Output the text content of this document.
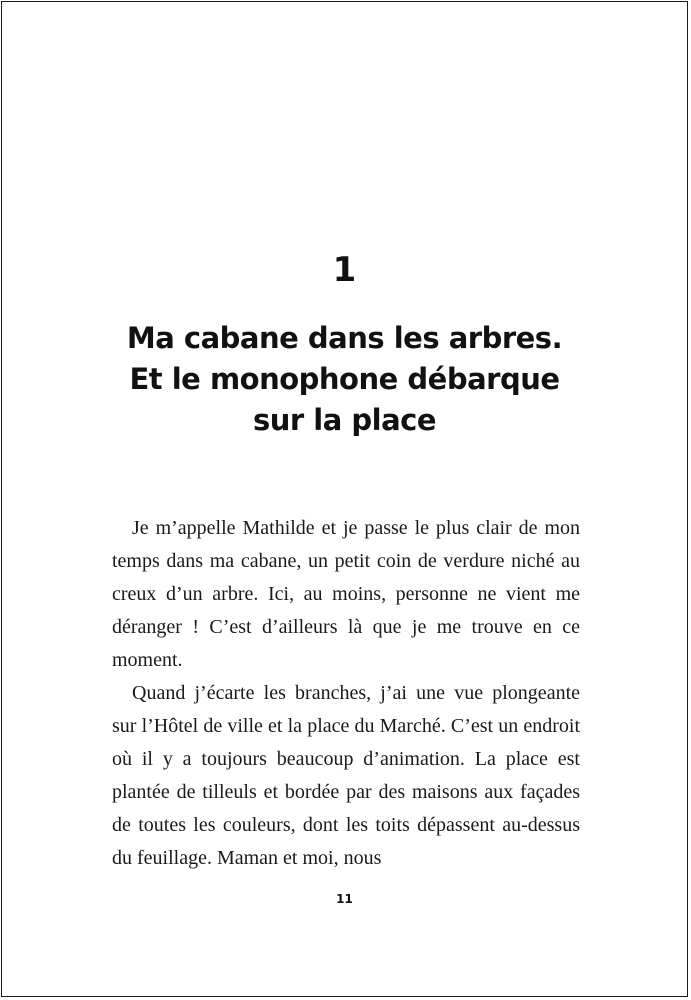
1
Ma cabane dans les arbres.
Et le monophone débarque
sur la place

Je m’appelle Mathilde et je passe le plus clair de mon temps dans ma cabane, un petit coin de verdure niché au creux d’un arbre. Ici, au moins, personne ne vient me déranger ! C’est d’ailleurs là que je me trouve en ce moment.

Quand j’écarte les branches, j’ai une vue plongeante sur l’Hôtel de ville et la place du Marché. C’est un endroit où il y a toujours beaucoup d’animation. La place est plantée de tilleuls et bordée par des maisons aux façades de toutes les couleurs, dont les toits dépassent au-dessus du feuillage. Maman et moi, nous

11
